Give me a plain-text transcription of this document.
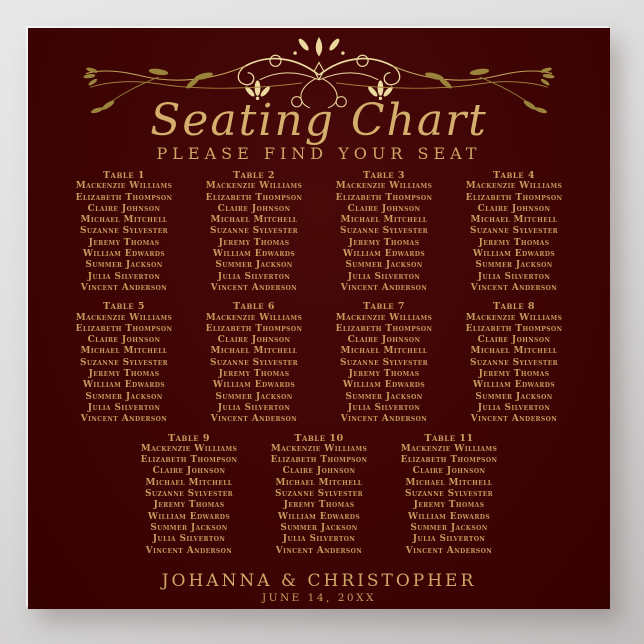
Seating Chart
PLEASE FIND YOUR SEAT
Table 1
Mackenzie Williams
Elizabeth Thompson
Claire Johnson
Michael Mitchell
Suzanne Sylvester
Jeremy Thomas
William Edwards
Summer Jackson
Julia Silverton
Vincent Anderson
Table 2
Mackenzie Williams
Elizabeth Thompson
Claire Johnson
Michael Mitchell
Suzanne Sylvester
Jeremy Thomas
William Edwards
Summer Jackson
Julia Silverton
Vincent Anderson
Table 3
Mackenzie Williams
Elizabeth Thompson
Claire Johnson
Michael Mitchell
Suzanne Sylvester
Jeremy Thomas
William Edwards
Summer Jackson
Julia Silverton
Vincent Anderson
Table 4
Mackenzie Williams
Elizabeth Thompson
Claire Johnson
Michael Mitchell
Suzanne Sylvester
Jeremy Thomas
William Edwards
Summer Jackson
Julia Silverton
Vincent Anderson
Table 5
Mackenzie Williams
Elizabeth Thompson
Claire Johnson
Michael Mitchell
Suzanne Sylvester
Jeremy Thomas
William Edwards
Summer Jackson
Julia Silverton
Vincent Anderson
Table 6
Mackenzie Williams
Elizabeth Thompson
Claire Johnson
Michael Mitchell
Suzanne Sylvester
Jeremy Thomas
William Edwards
Summer Jackson
Julia Silverton
Vincent Anderson
Table 7
Mackenzie Williams
Elizabeth Thompson
Claire Johnson
Michael Mitchell
Suzanne Sylvester
Jeremy Thomas
William Edwards
Summer Jackson
Julia Silverton
Vincent Anderson
Table 8
Mackenzie Williams
Elizabeth Thompson
Claire Johnson
Michael Mitchell
Suzanne Sylvester
Jeremy Thomas
William Edwards
Summer Jackson
Julia Silverton
Vincent Anderson
Table 9
Mackenzie Williams
Elizabeth Thompson
Claire Johnson
Michael Mitchell
Suzanne Sylvester
Jeremy Thomas
William Edwards
Summer Jackson
Julia Silverton
Vincent Anderson
Table 10
Mackenzie Williams
Elizabeth Thompson
Claire Johnson
Michael Mitchell
Suzanne Sylvester
Jeremy Thomas
William Edwards
Summer Jackson
Julia Silverton
Vincent Anderson
Table 11
Mackenzie Williams
Elizabeth Thompson
Claire Johnson
Michael Mitchell
Suzanne Sylvester
Jeremy Thomas
William Edwards
Summer Jackson
Julia Silverton
Vincent Anderson
JOHANNA & CHRISTOPHER
JUNE 14, 20XX
